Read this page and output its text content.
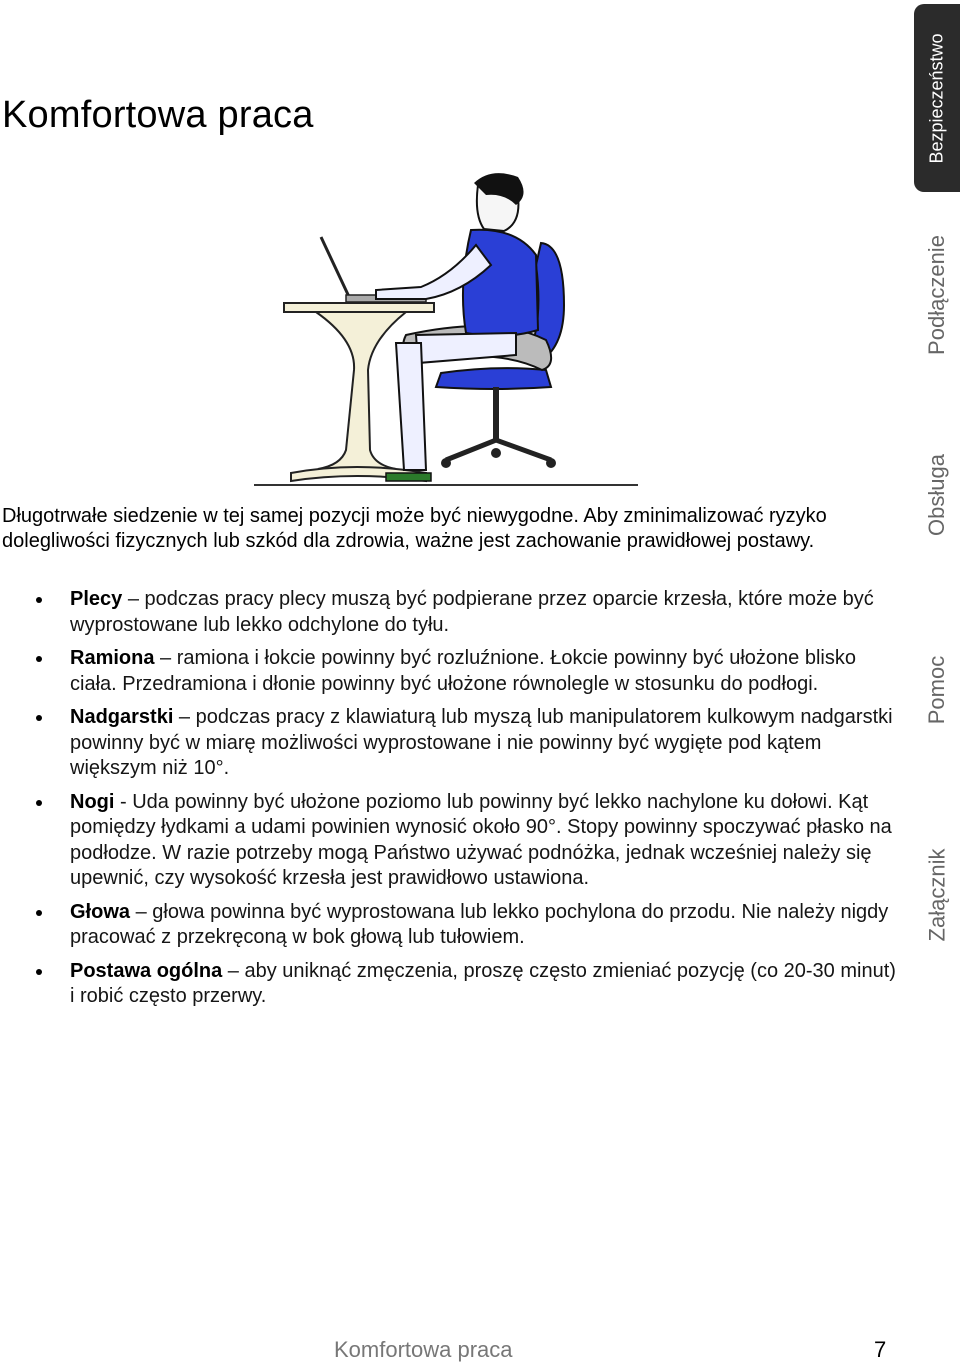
Komfortowa praca

Długotrwałe siedzenie w tej samej pozycji może być niewygodne. Aby zminimalizować ryzyko dolegliwości fizycznych lub szkód dla zdrowia, ważne jest zachowanie prawidłowej postawy.

Plecy – podczas pracy plecy muszą być podpierane przez oparcie krzesła, które może być wyprostowane lub lekko odchylone do tyłu.
Ramiona – ramiona i łokcie powinny być rozluźnione. Łokcie powinny być ułożone blisko ciała. Przedramiona i dłonie powinny być ułożone równolegle w stosunku do podłogi.
Nadgarstki – podczas pracy z klawiaturą lub myszą lub manipulatorem kulkowym nadgarstki powinny być w miarę możliwości wyprostowane i nie powinny być wygięte pod kątem większym niż 10°.
Nogi - Uda powinny być ułożone poziomo lub powinny być lekko nachylone ku dołowi. Kąt pomiędzy łydkami a udami powinien wynosić około 90°. Stopy powinny spoczywać płasko na podłodze. W razie potrzeby mogą Państwo używać podnóżka, jednak wcześniej należy się upewnić, czy wysokość krzesła jest prawidłowo ustawiona.
Głowa – głowa powinna być wyprostowana lub lekko pochylona do przodu. Nie należy nigdy pracować z przekręconą w bok głową lub tułowiem.
Postawa ogólna – aby uniknąć zmęczenia, proszę często zmieniać pozycję (co 20-30 minut) i robić często przerwy.
Bezpieczeństwo
Podłączenie
Obsługa
Pomoc
Załącznik
Komfortowa praca	7
